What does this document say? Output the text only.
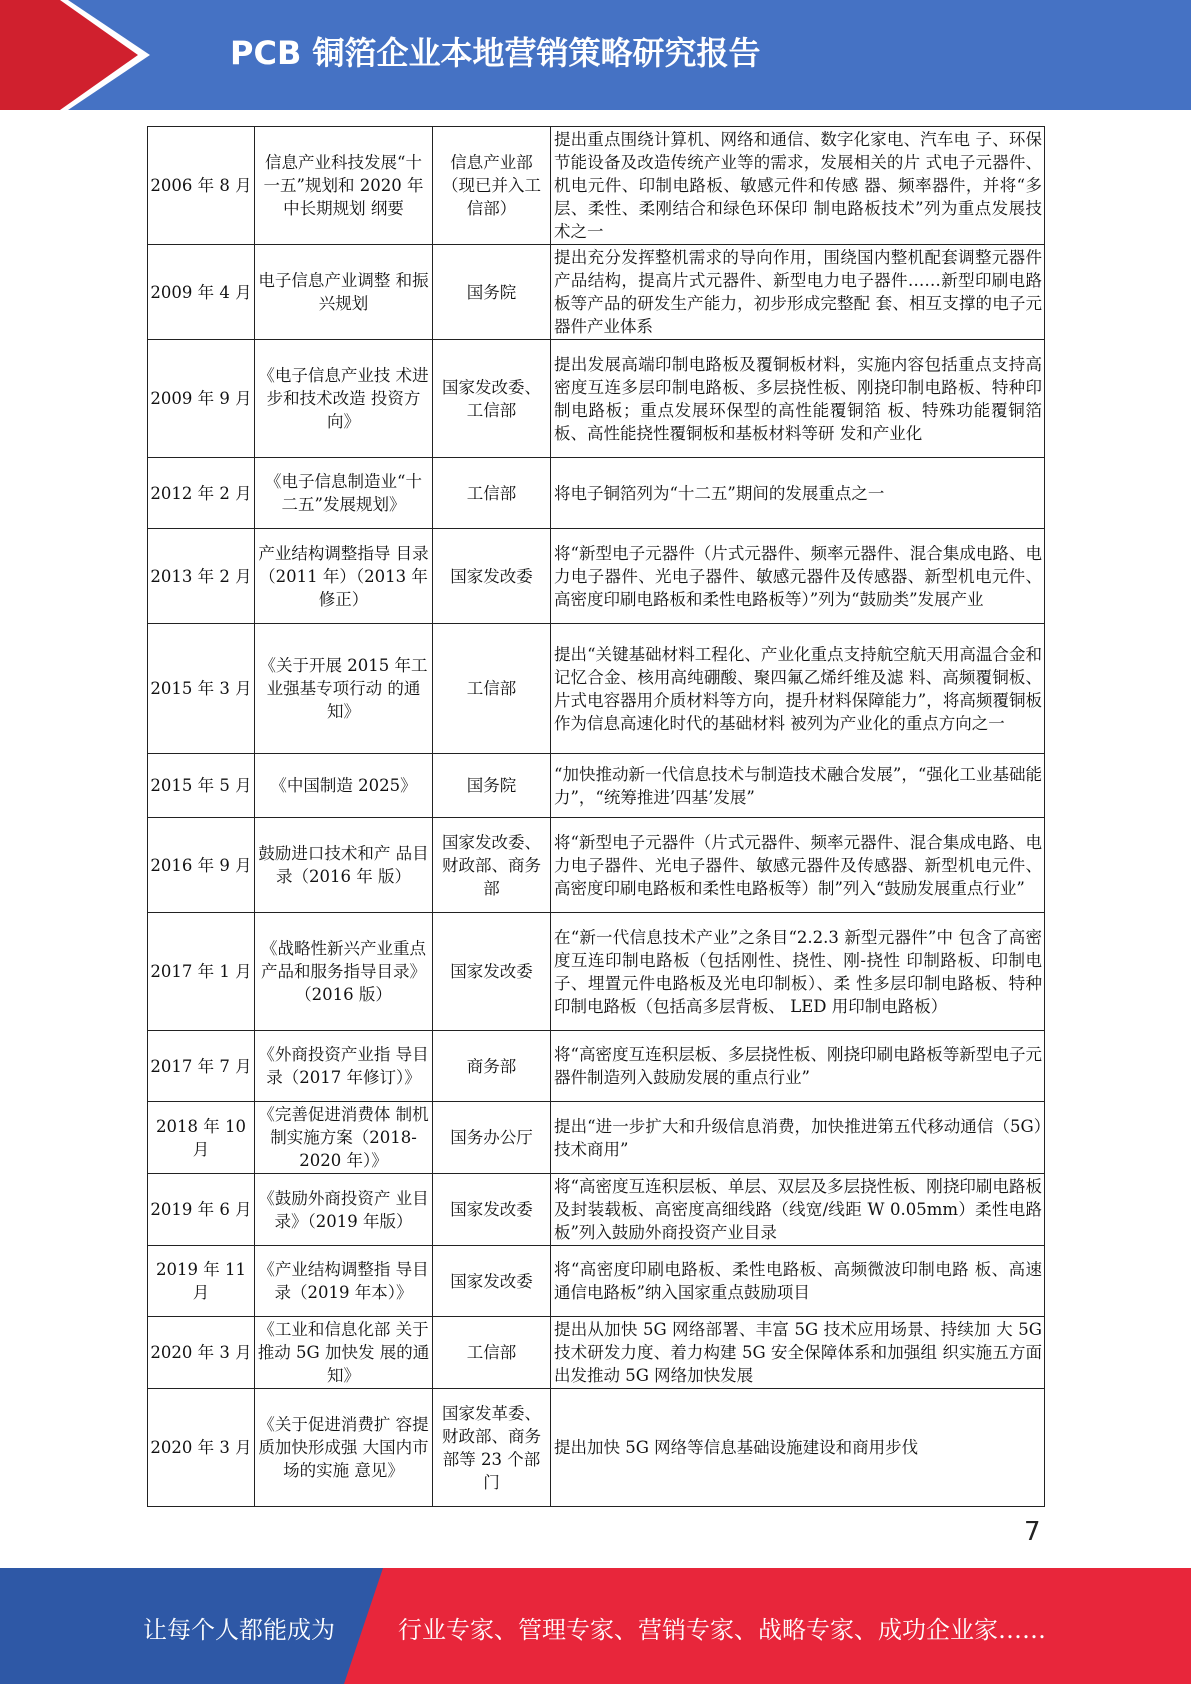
PCB 铜箔企业本地营销策略研究报告
2006 年 8 月	信息产业科技发展“十一五”规划和 2020 年中长期规划 纲要	信息产业部（现已并入工信部）	提出重点围绕计算机、网络和通信、数字化家电、汽车电 子、环保节能设备及改造传统产业等的需求，发展相关的片 式电子元器件、机电元件、印制电路板、敏感元件和传感 器、频率器件，并将“多层、柔性、柔刚结合和绿色环保印 制电路板技术”列为重点发展技术之一
2009 年 4 月	电子信息产业调整 和振兴规划	国务院	提出充分发挥整机需求的导向作用，围绕国内整机配套调整元器件产品结构，提高片式元器件、新型电力电子器件……新型印刷电路板等产品的研发生产能力，初步形成完整配 套、相互支撑的电子元器件产业体系
2009 年 9 月	《电子信息产业技 术进步和技术改造 投资方向》	国家发改委、工信部	提出发展高端印制电路板及覆铜板材料，实施内容包括重点支持高密度互连多层印制电路板、多层挠性板、刚挠印制电路板、特种印制电路板；重点发展环保型的高性能覆铜箔 板、特殊功能覆铜箔板、高性能挠性覆铜板和基板材料等研 发和产业化
2012 年 2 月	《电子信息制造业“十二五”发展规划》	工信部	将电子铜箔列为“十二五”期间的发展重点之一
2013 年 2 月	产业结构调整指导 目录（2011 年）（2013 年修正）	国家发改委	将“新型电子元器件（片式元器件、频率元器件、混合集成电路、电力电子器件、光电子器件、敏感元器件及传感器、新型机电元件、高密度印刷电路板和柔性电路板等）”列为“鼓励类”发展产业
2015 年 3 月	《关于开展 2015 年工业强基专项行动 的通知》	工信部	提出“关键基础材料工程化、产业化重点支持航空航天用高温合金和记忆合金、核用高纯硼酸、聚四氟乙烯纤维及滤 料、高频覆铜板、片式电容器用介质材料等方向，提升材料保障能力”，将高频覆铜板作为信息高速化时代的基础材料 被列为产业化的重点方向之一
2015 年 5 月	《中国制造 2025》	国务院	“加快推动新一代信息技术与制造技术融合发展”，“强化工业基础能力”，“统筹推进’四基’发展”
2016 年 9 月	鼓励进口技术和产 品目录（2016 年 版）	国家发改委、财政部、商务部	将“新型电子元器件（片式元器件、频率元器件、混合集成电路、电力电子器件、光电子器件、敏感元器件及传感器、新型机电元件、高密度印刷电路板和柔性电路板等）制”列入“鼓励发展重点行业”
2017 年 1 月	《战略性新兴产业重点产品和服务指导目录》（2016 版）	国家发改委	在“新一代信息技术产业”之条目“2.2.3 新型元器件”中 包含了高密度互连印制电路板（包括刚性、挠性、刚-挠性 印制路板、印制电子、埋置元件电路板及光电印制板）、柔 性多层印制电路板、特种印制电路板（包括高多层背板、 LED 用印制电路板）
2017 年 7 月	《外商投资产业指 导目录（2017 年修订）》	商务部	将“高密度互连积层板、多层挠性板、刚挠印刷电路板等新型电子元器件制造列入鼓励发展的重点行业”
2018 年 10 月	《完善促进消费体 制机制实施方案（2018-2020 年）》	国务办公厅	提出“进一步扩大和升级信息消费，加快推进第五代移动通信（5G）技术商用”
2019 年 6 月	《鼓励外商投资产 业目录》（2019 年版）	国家发改委	将“高密度互连积层板、单层、双层及多层挠性板、刚挠印刷电路板及封装载板、高密度高细线路（线宽/线距 W 0.05mm）柔性电路板”列入鼓励外商投资产业目录
2019 年 11 月	《产业结构调整指 导目录（2019 年本）》	国家发改委	将“高密度印刷电路板、柔性电路板、高频微波印制电路 板、高速通信电路板”纳入国家重点鼓励项目
2020 年 3 月	《工业和信息化部 关于推动 5G 加快发 展的通知》	工信部	提出从加快 5G 网络部署、丰富 5G 技术应用场景、持续加 大 5G 技术研发力度、着力构建 5G 安全保障体系和加强组 织实施五方面出发推动 5G 网络加快发展
2020 年 3 月	《关于促进消费扩 容提质加快形成强 大国内市场的实施 意见》	国家发革委、财政部、商务部等 23 个部门	提出加快 5G 网络等信息基础设施建设和商用步伐
7
让每个人都能成为	行业专家、管理专家、营销专家、战略专家、成功企业家……
